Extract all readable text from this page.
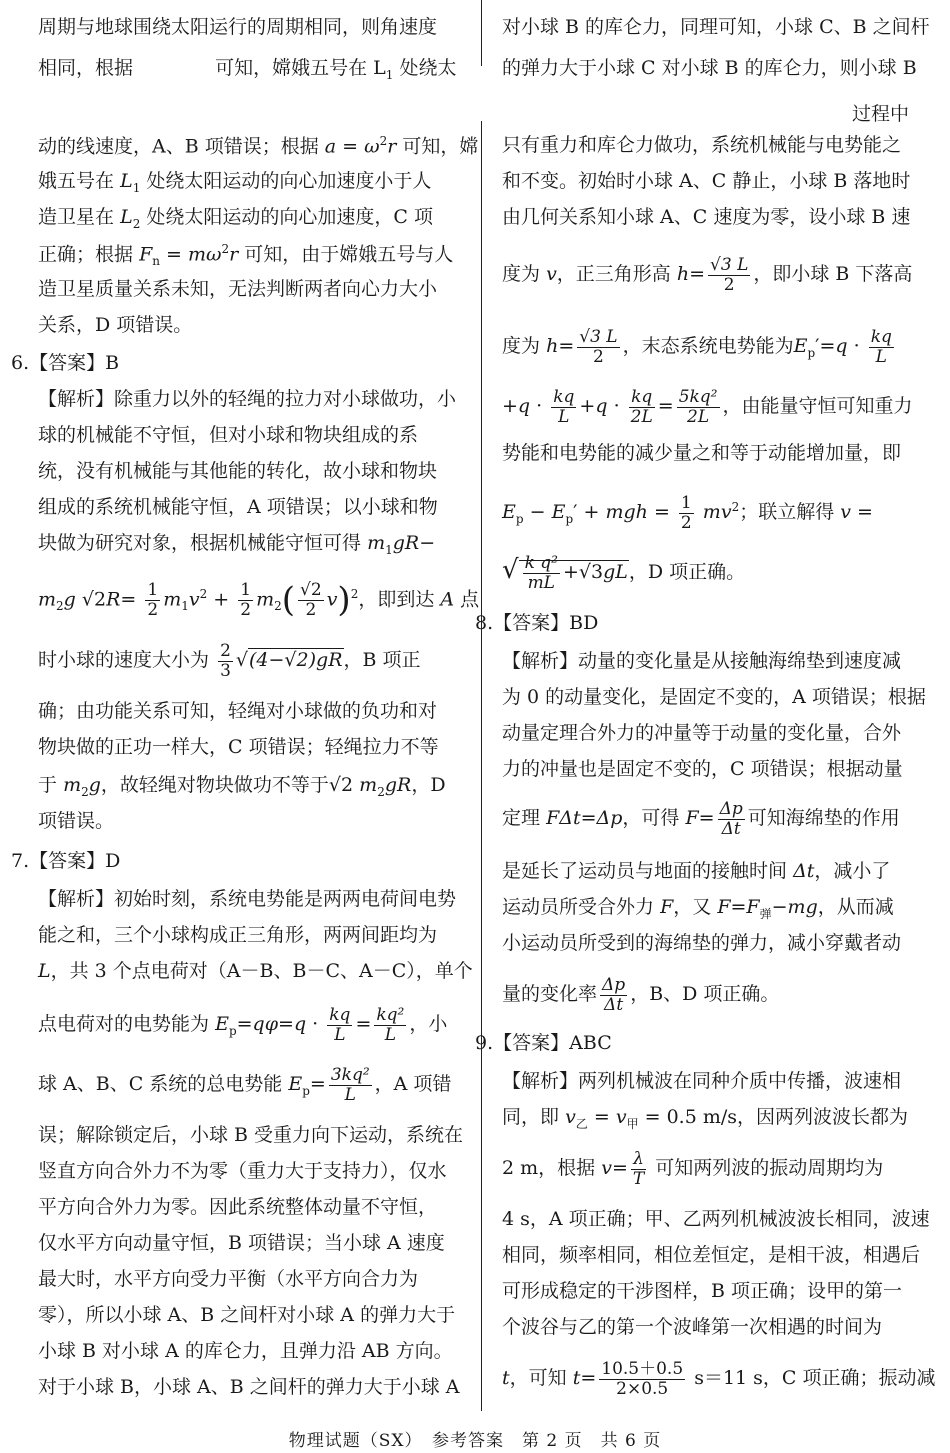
过程中
周期与地球围绕太阳运行的周期相同，则角速度
相同，根据	可知，嫦娥五号在 $L_1$ 处绕太
对小球 B 的库仑力，同理可知，小球 C、B 之间杆
的弹力大于小球 C 对小球 B 的库仑力，则小球 B
动的线速度，A、B 项错误；根据 $a = \omega^2r$ 可知，嫦
娥五号在 $L_1$ 处绕太阳运动的向心加速度小于人
造卫星在 $L_2$ 处绕太阳运动的向心加速度，C 项
正确；根据 $F_n = m\omega^2r$ 可知，由于嫦娥五号与人
造卫星质量关系未知，无法判断两者向心力大小
关系，D 项错误。
6.【答案】B
【解析】除重力以外的轻绳的拉力对小球做功，小
球的机械能不守恒，但对小球和物块组成的系
统，没有机械能与其他能的转化，故小球和物块
组成的系统机械能守恒，A 项错误；以小球和物
块做为研究对象，根据机械能守恒可得 $m_1gR-$
$m_2g$ $√2R= \frac{1}{2} m_1v^2 + \frac{1}{2} m_2( \frac{√2}{2} v)^2$，即到达 A 点
时小球的速度大小为 $\frac{2}{3} √(4-√2)gR$，B 项正
确；由功能关系可知，轻绳对小球做的负功和对
物块做的正功一样大，C 项错误；轻绳拉力不等
于 $m_2g$，故轻绳对物块做功不等于√2 $m_2gR$，D
项错误。
7.【答案】D
【解析】初始时刻，系统电势能是两两电荷间电势
能之和，三个小球构成正三角形，两两间距均为
L，共 3 个点电荷对（A－B、B－C、A－C），单个
点电荷对的电势能为 $E_p=q\varphi=q \cdot \frac{kq}{L} = \frac{\text{kq²}}{L}$ ，小
球 A、B、C 系统的总电势能 $E_p= \frac{\text{3kq²}}{L}$ ，A 项错
误；解除锁定后，小球 B 受重力向下运动，系统在
竖直方向合外力不为零（重力大于支持力），仅水
平方向合外力为零。因此系统整体动量不守恒，
仅水平方向动量守恒，B 项错误；当小球 A 速度
最大时，水平方向受力平衡（水平方向合力为
零），所以小球 A、B 之间杆对小球 A 的弹力大于
小球 B 对小球 A 的库仑力，且弹力沿 AB 方向。
对于小球 B，小球 A、B 之间杆的弹力大于小球 A
只有重力和库仑力做功，系统机械能与电势能之
和不变。初始时小球 A、C 静止，小球 B 落地时
由几何关系知小球 A、C 速度为零，设小球 B 速
度为 v，正三角形高 $h= \frac{√3 L}{2}$ ，即小球 B 下落高
度为 $h= \frac{√3 L}{2}$ ，末态系统电势能为$E_p'=q \cdot \frac{kq}{L}$
$+q \cdot \frac{kq}{L} +q \cdot \frac{kq}{2L} = \frac{\text{5kq²}}{2L}$ ，由能量守恒可知重力
势能和电势能的减少量之和等于动能增加量，即
$E_p - E_p'$ + mgh = $\frac{1}{2} mv^2$；联立解得 v =
√ $\frac{\text{k q²}}{mL} +√3gL$，D 项正确。
8.【答案】BD
【解析】动量的变化量是从接触海绵垫到速度减
为 0 的动量变化，是固定不变的，A 项错误；根据
动量定理合外力的冲量等于动量的变化量，合外
力的冲量也是固定不变的，C 项错误；根据动量
定理 FΔt=Δp，可得 $F= \frac{\Delta p}{\Delta t}$ 可知海绵垫的作用
是延长了运动员与地面的接触时间 Δt，减小了
运动员所受合外力 F，又 $F=F_弹-mg$，从而减
小运动员所受到的海绵垫的弹力，减小穿戴者动
量的变化率 $\frac{\Delta p}{\Delta t}$ ，B、D 项正确。
9.【答案】ABC
【解析】两列机械波在同种介质中传播，波速相
同，即 $v_乙 = v_甲 = 0.5$ m/s，因两列波波长都为
2 m，根据 $v= \frac{\lambda}{T}$ 可知两列波的振动周期均为
4 s，A 项正确；甲、乙两列机械波波长相同，波速
相同，频率相同，相位差恒定，是相干波，相遇后
可形成稳定的干涉图样，B 项正确；设甲的第一
个波谷与乙的第一个波峰第一次相遇的时间为
t，可知 $t= \frac{10.5+0.5}{2\times 0.5} s=11$ s，C 项正确；振动减
物理试题（SX）　参考答案　第 2 页　共 6 页
